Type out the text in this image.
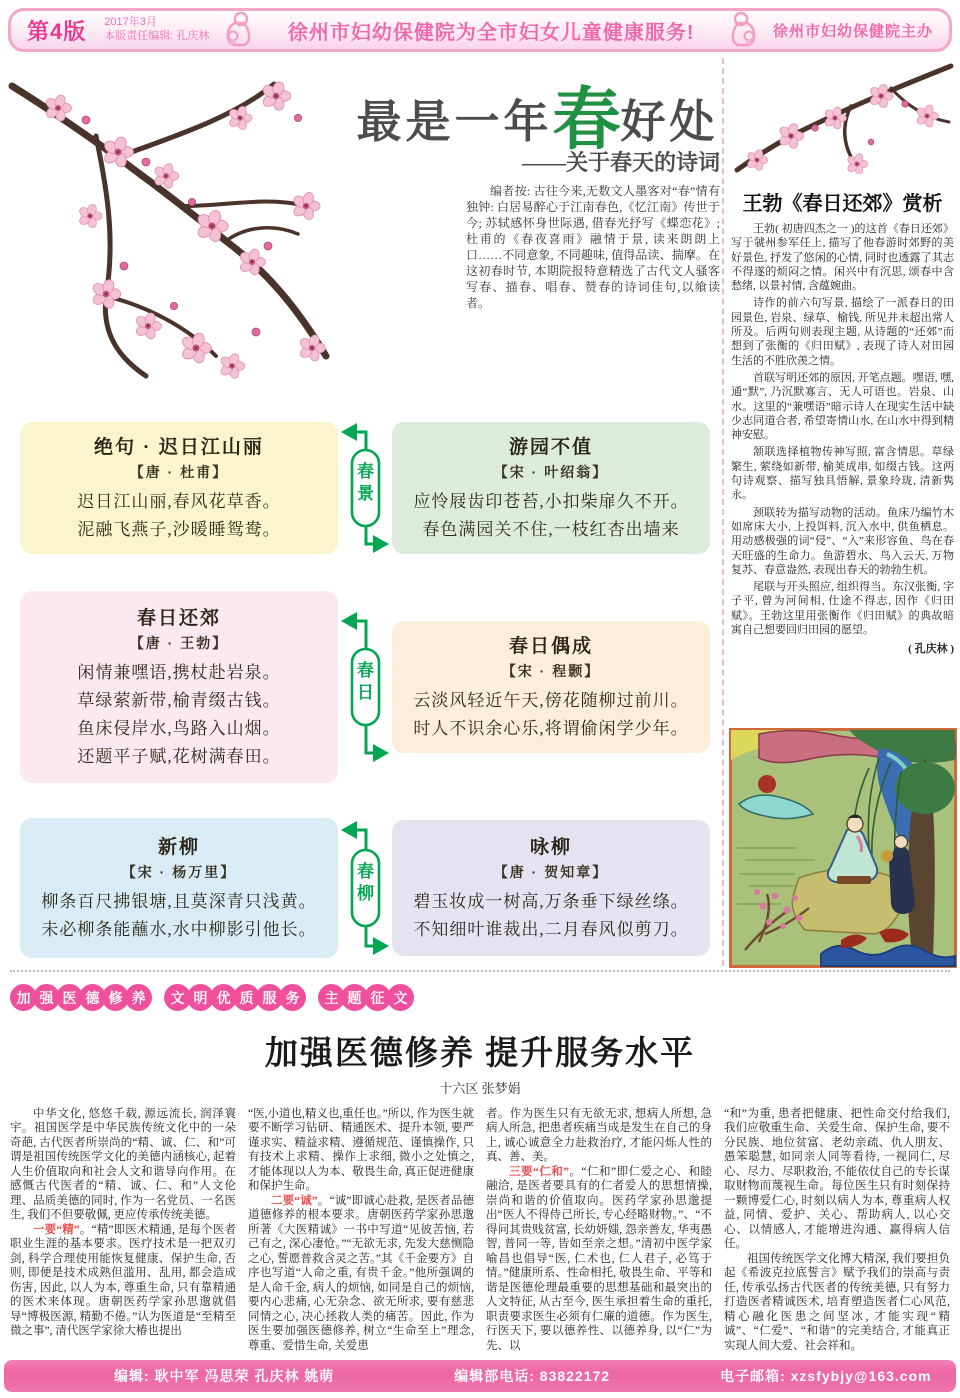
第4版 2017年3月
本版责任编辑: 孔庆林	徐州市妇幼保健院为全市妇女儿童健康服务!	徐州市妇幼保健院主办
最是一年春好处
——关于春天的诗词
编者按: 古往今来,无数文人墨客对“春”情有独钟: 白居易醉心于江南春色,《忆江南》传世于今; 苏轼感怀身世际遇, 借春光抒写《蝶恋花》; 杜甫的《春夜喜雨》融情于景, 读来朗朗上口……不同意象, 不同趣味, 值得品读、揣摩。在这初春时节, 本期院报特意精选了古代文人骚客写春、描春、唱春、赞春的诗词佳句,以飨读者。
绝句 · 迟日江山丽
【唐 · 杜甫】
迟日江山丽,春风花草香。
泥融飞燕子,沙暖睡鸳鸯。
春
景
游园不值
【宋 · 叶绍翁】
应怜屐齿印苍苔,小扣柴扉久不开。
春色满园关不住,一枝红杏出墙来
春日还郊
【唐 · 王勃】
闲情兼嘿语,携杖赴岩泉。
草绿萦新带,榆青缀古钱。
鱼床侵岸水,鸟路入山烟。
还题平子赋,花树满春田。
春
日
春日偶成
【宋 · 程颢】
云淡风轻近午天,傍花随柳过前川。
时人不识余心乐,将谓偷闲学少年。
新柳
【宋 · 杨万里】
柳条百尺拂银塘,且莫深青只浅黄。
未必柳条能蘸水,水中柳影引他长。
春
柳
咏柳
【唐 · 贺知章】
碧玉妆成一树高,万条垂下绿丝绦。
不知细叶谁裁出,二月春风似剪刀。
王勃《春日还郊》赏析

王勃( 初唐四杰之一 )的这首《春日还郊》写于虢州参军任上, 描写了他春游时郊野的美好景色, 抒发了悠闲的心情, 同时也透露了其志不得遂的烦闷之情。闲兴中有沉思, 颂春中含愁绪, 以景衬情, 含蕴婉曲。

诗作的前六句写景, 描绘了一派春日的田园景色, 岩泉、绿草、榆钱, 所见并未超出常人所及。后两句则表现主题, 从诗题的“还郊”而想到了张衡的《归田赋》, 表现了诗人对田园生活的不胜欣羡之情。

首联写明还郊的原因, 开笔点题。嘿语, 嘿, 通“默”, 乃沉默寡言、无人可语也。岩泉、山水。这里的“兼嘿语”暗示诗人在现实生活中缺少志同道合者, 希望寄情山水, 在山水中得到精神安慰。

颔联选择植物传神写照, 富含情思。草绿繁生, 萦绕如新带, 榆荚成串, 如缀古钱。这两句诗观察、描写独具悟解, 景象玲珑, 清新隽永。

颈联转为描写动物的活动。鱼床乃编竹木如席床大小, 上投饵料, 沉入水中, 供鱼栖息。用动感极强的词“侵”、“入”来形容鱼、鸟在春天旺盛的生命力。鱼游碧水、鸟入云天, 万物复苏、春意盎然, 表现出春天的勃勃生机。

尾联与开头照应, 组织得当。东汉张衡, 字子平, 曾为河间相, 仕途不得志, 因作《归田赋》。王勃这里用张衡作《归田赋》的典故暗寓自己想要回归田园的愿望。

( 孔庆林 )
加 强 医 德 修 养	文 明 优 质 服 务	主 题 征 文
加强医德修养 提升服务水平
十六区 张梦娟

中华文化, 悠悠千载, 源远流长, 润泽寰宇。祖国医学是中华民族传统文化中的一朵奇葩, 古代医者所崇尚的“精、诚、仁、和”可谓是祖国传统医学文化的美德内涵核心, 起着人生价值取向和社会人文和谐导向作用。在感慨古代医者的“精、诚、仁、和”人文伦理、品质美德的同时, 作为一名党员、一名医生, 我们不但要敬佩, 更应传承传统美德。

一要“精”。“精”即医术精通, 是每个医者职业生涯的基本要求。医疗技术是一把双刃剑, 科学合理使用能恢复健康、保护生命, 否则, 即便是技术成熟但滥用、乱用, 都会造成伤害, 因此, 以人为本, 尊重生命, 只有靠精通的医术来体现。唐朝医药学家孙思邈就倡导“博极医源, 精勤不倦。”认为医道是“至精至微之事”, 清代医学家徐大椿也提出

“医,小道也,精义也,重任也。”所以, 作为医生就要不断学习钻研、精通医术、提升本领, 要严谨求实、精益求精、遵循规范、谨慎操作, 只有技术上求精、操作上求细, 微小之处慎之, 才能体现以人为本、敬畏生命, 真正促进健康和保护生命。

二要“诚”。“诚”即诚心赴救, 是医者品德道德修养的根本要求。唐朝医药学家孙思邈所著《大医精诚》一书中写道“见彼苦恼, 若己有之, 深心凄怆。”“无欲无求, 先发大慈恻隐之心, 誓愿普救含灵之苦。”其《千金要方》自序也写道“人命之重, 有贵千金。”他所强调的是人命千金, 病人的烦恼, 如同是自己的烦恼, 要内心悲痛, 心无杂念、欲无所求, 要有慈悲同情之心, 决心拯救人类的痛苦。因此, 作为医生要加强医德修养, 树立“生命至上”理念, 尊重、爱惜生命, 关爱患

者。作为医生只有无欲无求, 想病人所想, 急病人所急, 把患者疾痛当成是发生在自己的身上, 诚心诚意全力赴救治疗, 才能闪烁人性的真、善、美。

三要“仁和”。“仁和”即仁爱之心、和睦融洽, 是医者要具有的仁者爱人的思想情操, 崇尚和谐的价值取向。医药学家孙思邈提出“医人不得侍己所长, 专心经略财物。”、“不得问其贵贱贫富, 长幼妍媸, 怨亲善友, 华夷愚智, 普同一等, 皆如至亲之想。”清初中医学家喻昌也倡导“医, 仁术也, 仁人君子, 必笃于情。”健康所系、性命相托, 敬畏生命、平等和谐是医德伦理最重要的思想基础和最突出的人文特征, 从古至今, 医生承担着生命的重托, 职责要求医生必须有仁廉的道德。作为医生, 行医天下, 要以德养性、以德养身, 以“仁”为先、以

“和”为重, 患者把健康、把性命交付给我们, 我们应敬重生命、关爱生命、保护生命, 要不分民族、地位贫富、老幼亲疏、仇人朋友、愚笨聪慧, 如同亲人同等看待, 一视同仁, 尽心、尽力、尽职救治, 不能依仗自己的专长谋取财物而蔑视生命。每位医生只有时刻保持一颗博爱仁心, 时刻以病人为本, 尊重病人权益, 同情、爱护、关心、帮助病人, 以心交心、以情感人, 才能增进沟通、赢得病人信任。

祖国传统医学文化博大精深, 我们要担负起《希波克拉底誓言》赋予我们的崇高与责任, 传承弘扬古代医者的传统美德, 只有努力打造医者精诚医术, 培育塑造医者仁心风范, 精心融化医患之间坚冰, 才能实现“精诚”、“仁爱”、“和谐”的完美结合, 才能真正实现人间大爱、社会祥和。

编辑: 耿中军 冯思荣 孔庆林 姚萌	编辑部电话: 83822172	电子邮箱: xzsfybjy@163.com
